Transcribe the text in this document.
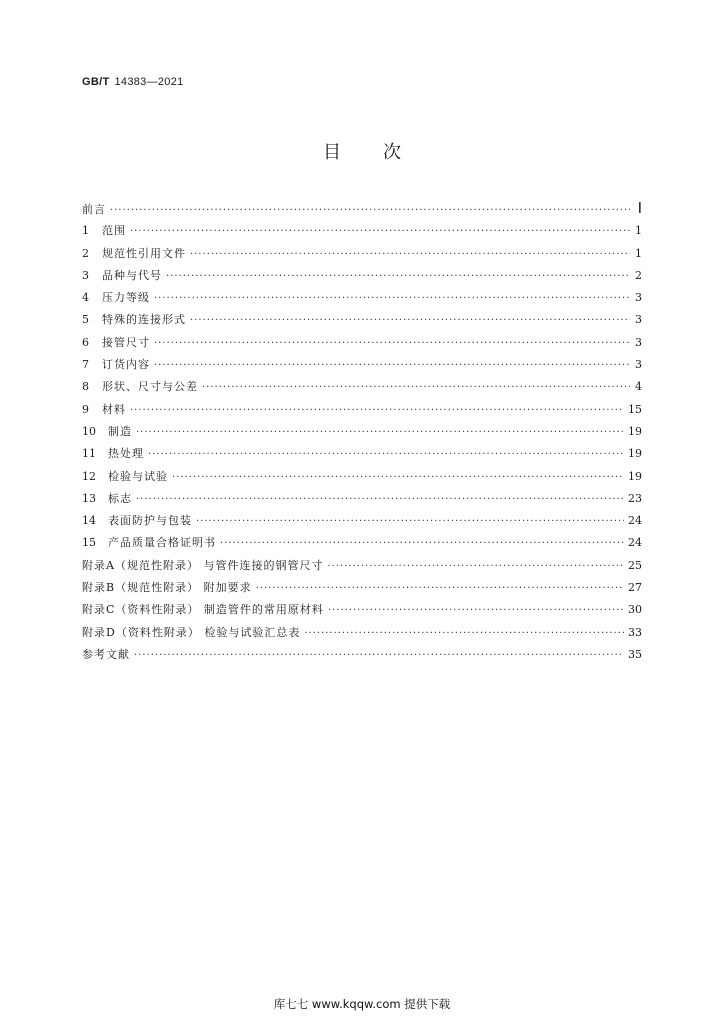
GB/T 14383—2021
目次
前言 ·····	Ⅰ
1 范围 ·····	1
2 规范性引用文件 ·····	1
3 品种与代号 ·····	2
4 压力等级 ·····	3
5 特殊的连接形式 ·····	3
6 接管尺寸 ·····	3
7 订货内容 ·····	3
8 形状、尺寸与公差 ·····	4
9 材料 ·····	15
10 制造 ·····	19
11 热处理 ·····	19
12 检验与试验 ·····	19
13 标志 ·····	23
14 表面防护与包装 ·····	24
15 产品质量合格证明书 ·····	24
附录A（规范性附录） 与管件连接的钢管尺寸 ·····	25
附录B（规范性附录） 附加要求 ·····	27
附录C（资料性附录） 制造管件的常用原材料 ·····	30
附录D（资料性附录） 检验与试验汇总表 ·····	33
参考文献 ·····	35
库七七 www.kqqw.com 提供下载
